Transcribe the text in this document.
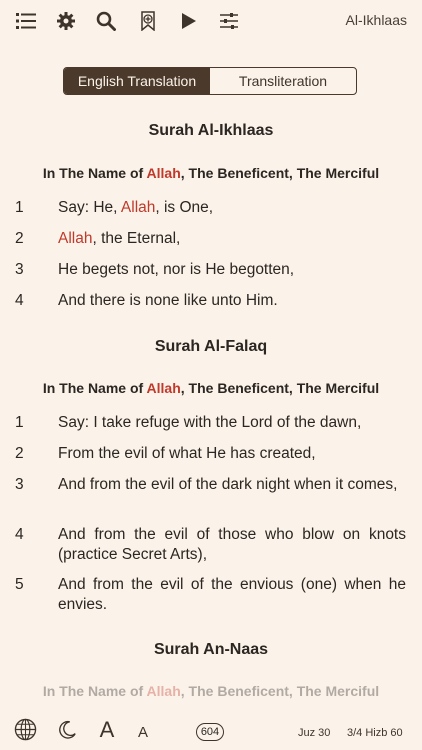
Al-Ikhlaas
English Translation	Transliteration
Surah Al-Ikhlaas
In The Name of Allah, The Beneficent, The Merciful
1 Say: He, Allah, is One,
2 Allah, the Eternal,
3 He begets not, nor is He begotten,
4 And there is none like unto Him.
Surah Al-Falaq
In The Name of Allah, The Beneficent, The Merciful
1 Say: I take refuge with the Lord of the dawn,
2 From the evil of what He has created,
3 And from the evil of the dark night when it comes,
4 And from the evil of those who blow on knots (practice Secret Arts),
5 And from the evil of the envious (one) when he envies.
Surah An-Naas
In The Name of Allah, The Beneficent, The Merciful
A A	604	Juz 30 3/4 Hizb 60
